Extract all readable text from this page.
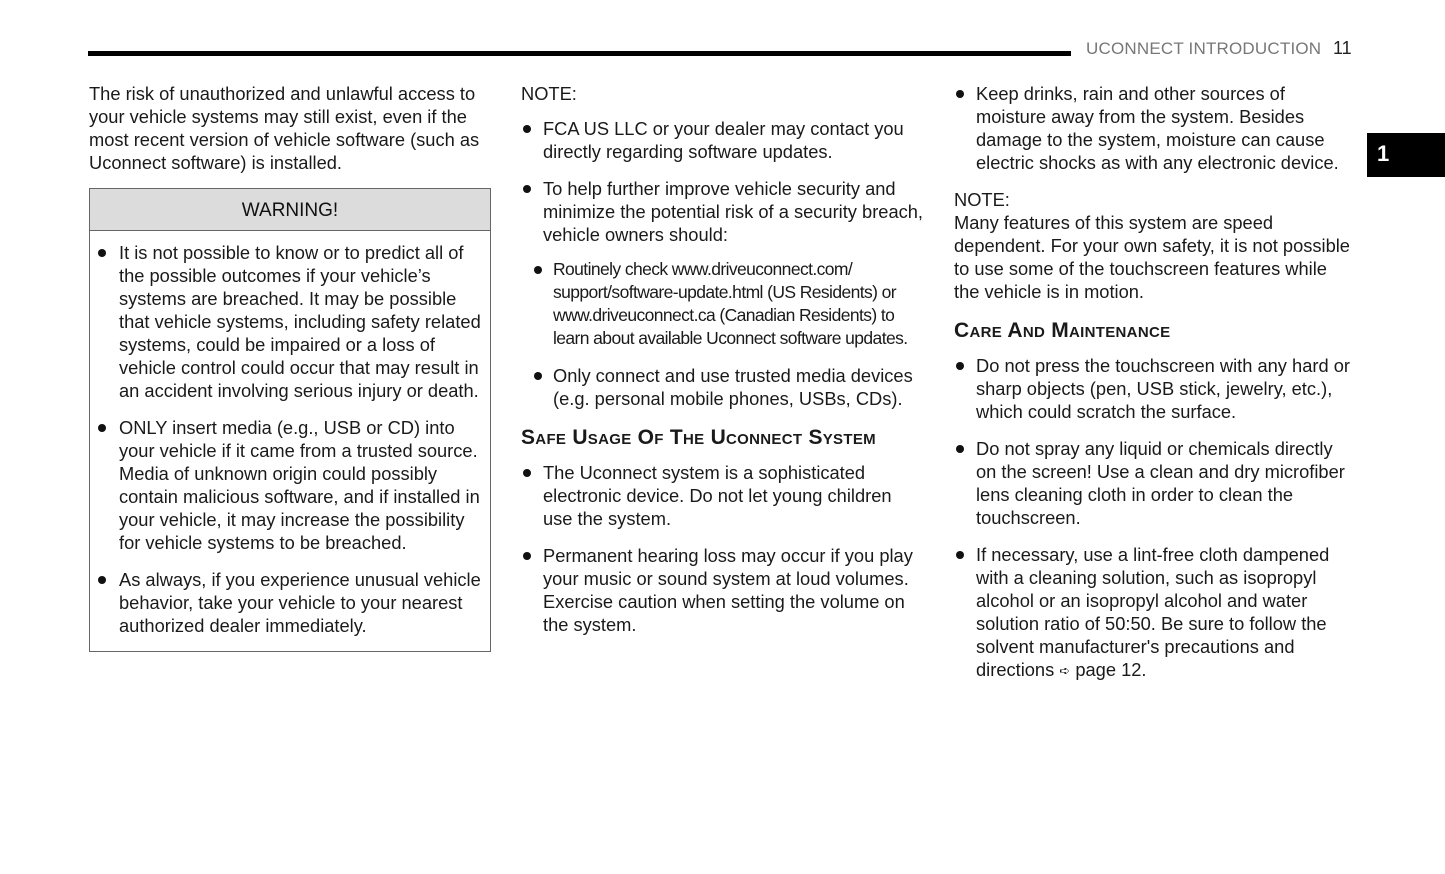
UCONNECT INTRODUCTION 11
1

The risk of unauthorized and unlawful access to your vehicle systems may still exist, even if the most recent version of vehicle software (such as Uconnect software) is installed.

WARNING!
It is not possible to know or to predict all of the possible outcomes if your vehicle’s systems are breached. It may be possible that vehicle systems, including safety related systems, could be impaired or a loss of vehicle control could occur that may result in an accident involving serious injury or death.
ONLY insert media (e.g., USB or CD) into your vehicle if it came from a trusted source. Media of unknown origin could possibly contain malicious software, and if installed in your vehicle, it may increase the possibility for vehicle systems to be breached.
As always, if you experience unusual vehicle behavior, take your vehicle to your nearest authorized dealer immediately.

NOTE:

FCA US LLC or your dealer may contact you directly regarding software updates.
To help further improve vehicle security and minimize the potential risk of a security breach, vehicle owners should:
Routinely check www.driveuconnect.com/ support/software-update.html (US Residents) or www.driveuconnect.ca (Canadian Residents) to learn about available Uconnect software updates.
Only connect and use trusted media devices (e.g. personal mobile phones, USBs, CDs).
Safe Usage Of The Uconnect System
The Uconnect system is a sophisticated electronic device. Do not let young children use the system.
Permanent hearing loss may occur if you play your music or sound system at loud volumes. Exercise caution when setting the volume on the system.
Keep drinks, rain and other sources of moisture away from the system. Besides damage to the system, moisture can cause electric shocks as with any electronic device.

NOTE:

Many features of this system are speed dependent. For your own safety, it is not possible to use some of the touchscreen features while the vehicle is in motion.

Care And Maintenance
Do not press the touchscreen with any hard or sharp objects (pen, USB stick, jewelry, etc.), which could scratch the surface.
Do not spray any liquid or chemicals directly on the screen! Use a clean and dry microfiber lens cleaning cloth in order to clean the touchscreen.
If necessary, use a lint-free cloth dampened with a cleaning solution, such as isopropyl alcohol or an isopropyl alcohol and water solution ratio of 50:50. Be sure to follow the solvent manufacturer's precautions and directions ➪ page 12.
